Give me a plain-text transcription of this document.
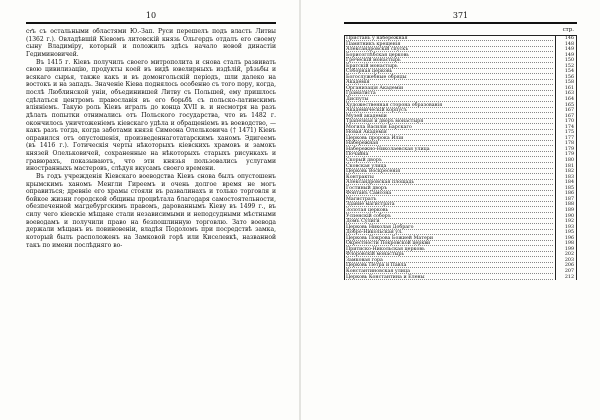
10

ст҃ъ съ остальными областями Ю.-Зап. Руси перешелъ подъ власть Литвы (1362 г.). Овладѣвшій Кіевомъ литовскій князь Ольгердъ отдалъ его своему сыну Владиміру, который и положилъ здѣсь начало новой династіи Гедиминовичей.

Въ 1415 г. Кіевъ получилъ своего митрополита и снова сталъ развивать свою цивилизацію, продукты коей въ видѣ ювелирныхъ издѣлій, рѣзьбы и всякаго сырья, также какъ и въ домонгольскій періодъ, шли далеко на востокъ и на западъ. Значеніе Кіева поднялось особенно съ того пору, когда, послѣ Люблинской уніи, объединившей Литву съ Польшей, ему пришлось сдѣлаться центромъ православія въ его борьбѣ съ польско-латинскимъ вліяніемъ. Такую роль Кіевъ игралъ до конца XVII в. и несмотря на разъ дѣлать попытки отнимались отъ Польского государства, что въ 1482 г. окончилось уничтоженіемъ кіевскаго удѣла и обращеніемъ въ воеводство, — какъ разъ тогда, когда заботами князя Симеона Олельковича († 1471) Кіевъ оправился отъ опустошенія, произведеннаготатарскимъ ханомъ Эдигеемъ (въ 1416 г.). Готическія черты нѣкоторыхъ кіевскихъ храмовъ и замокъ князей Олельковичей, сохраненные на нѣкоторыхъ старыхъ рисункахъ и гравюрахъ, показываютъ, что эти князья пользовались услугами иностранныхъ мастеровъ, слѣдуя вкусамъ своего времени.

Въ годъ учрежденія Кіевскаго воеводства Кіевъ снова былъ опустошенъ крымскимъ ханомъ Менгли Гиреемъ и очень долгое время не могъ оправиться; древніе его храмы стояли въ развалинахъ и только торговля и бойкое жизни городской общины процвѣтала благодаря самостоятельности, обезпеченной магдебургскимъ правомъ, дарованнымъ Кіеву въ 1499 г., въ силу чего кіевскіе мѣщане стали независимыми и неподсудными мѣстными воеводамъ и получили право на безпошлинную торговлю. Зато воевода держали мѣщанъ въ повиновеніи, владѣя Подоломъ при посредствѣ замка, который былъ расположенъ на Замковой горѣ или Киселевкѣ, названной такъ по имени послѣдняго во-

371
стр.
Пристань у набережная	146
Памятникъ крещенія	148
Александровскій спускъ	149
Борисоглѣбская церковь	149
Греческій монастырь	150
Братскій монастырь	152
Соборная церковь	154
Богослужебные обряды	156
Академія	158
Организація Академіи	161
Граматиста	163
Диспуты	164
Художественная сторона образованія	165
Академическій корпусъ	167
Музей академіи	167
Трапезная и дворъ монастыря	170
Могила Василія Барскаго	174
Новая Академія	175
Церковь пророка Иліи	177
Набережная	178
Набережно-Николаевская улица	179
Почайна	179
Скорый дворъ	180
Сковская улица	181
Церковь Воскресенія	182
Контракты	183
Александровская площадь	184
Гостиный дворъ	185
Фонтанъ Самсона	186
Магистратъ	187
Здание магистрата	188
Золотая церковь	189
Успенскій соборъ	190
Домъ Сулиги	192
Церковь Николая Добраго	193
Добро-Никольская ул.	195
Церковь Покрова Божией Матери	196
Окрестности Покровской церкви	198
Притиско-Никольская церковь	199
Флоровскій монастырь	202
Замковая гора	203
Церковь Петра и Павла	206
Константиновская улица	207
Церковь Константина и Елены	212
